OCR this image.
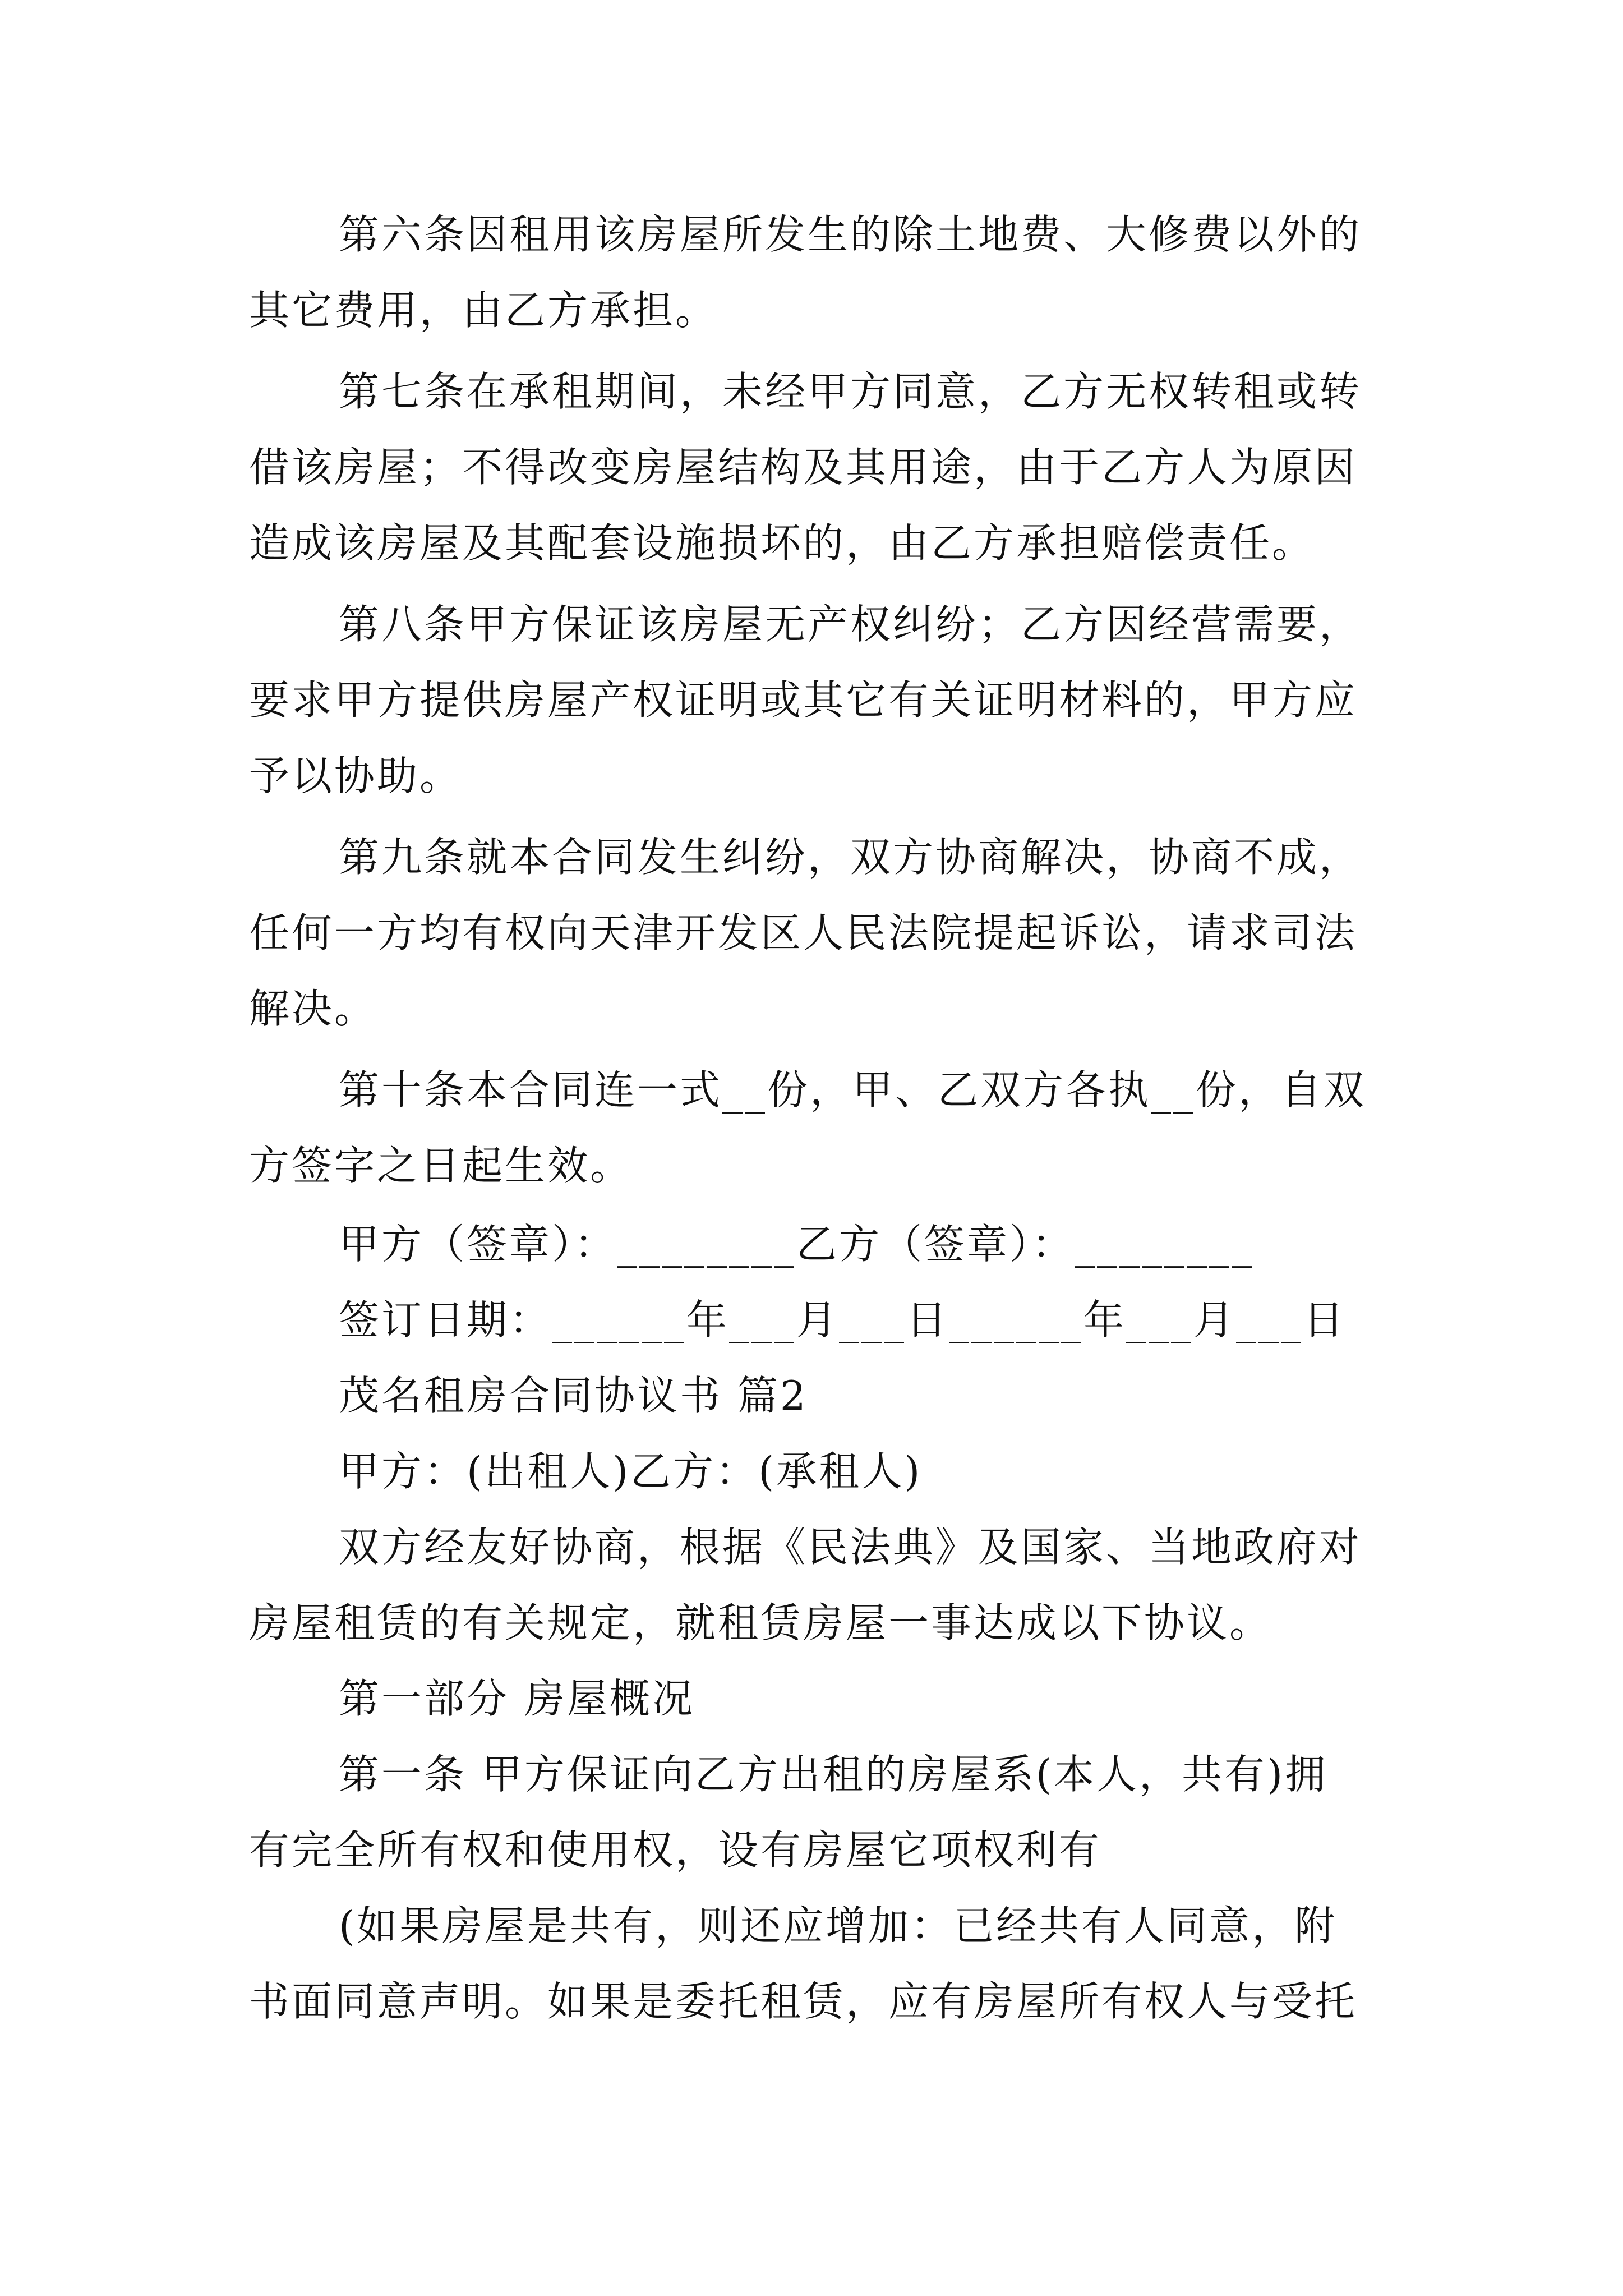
第六条因租用该房屋所发生的除土地费、大修费以外的
其它费用，由乙方承担。
第七条在承租期间，未经甲方同意，乙方无权转租或转
借该房屋；不得改变房屋结构及其用途，由于乙方人为原因
造成该房屋及其配套设施损坏的，由乙方承担赔偿责任。
第八条甲方保证该房屋无产权纠纷；乙方因经营需要，
要求甲方提供房屋产权证明或其它有关证明材料的，甲方应
予以协助。
第九条就本合同发生纠纷，双方协商解决，协商不成，
任何一方均有权向天津开发区人民法院提起诉讼，请求司法
解决。
第十条本合同连一式__份，甲、乙双方各执__份，自双
方签字之日起生效。
甲方（签章）：________乙方（签章）：________
签订日期：______年___月___日______年___月___日
茂名租房合同协议书 篇2
甲方：(出租人)乙方：(承租人)
双方经友好协商，根据《民法典》及国家、当地政府对
房屋租赁的有关规定，就租赁房屋一事达成以下协议。
第一部分 房屋概况
第一条 甲方保证向乙方出租的房屋系(本人，共有)拥
有完全所有权和使用权，设有房屋它项权利有
(如果房屋是共有，则还应增加：已经共有人同意，附
书面同意声明。如果是委托租赁，应有房屋所有权人与受托
